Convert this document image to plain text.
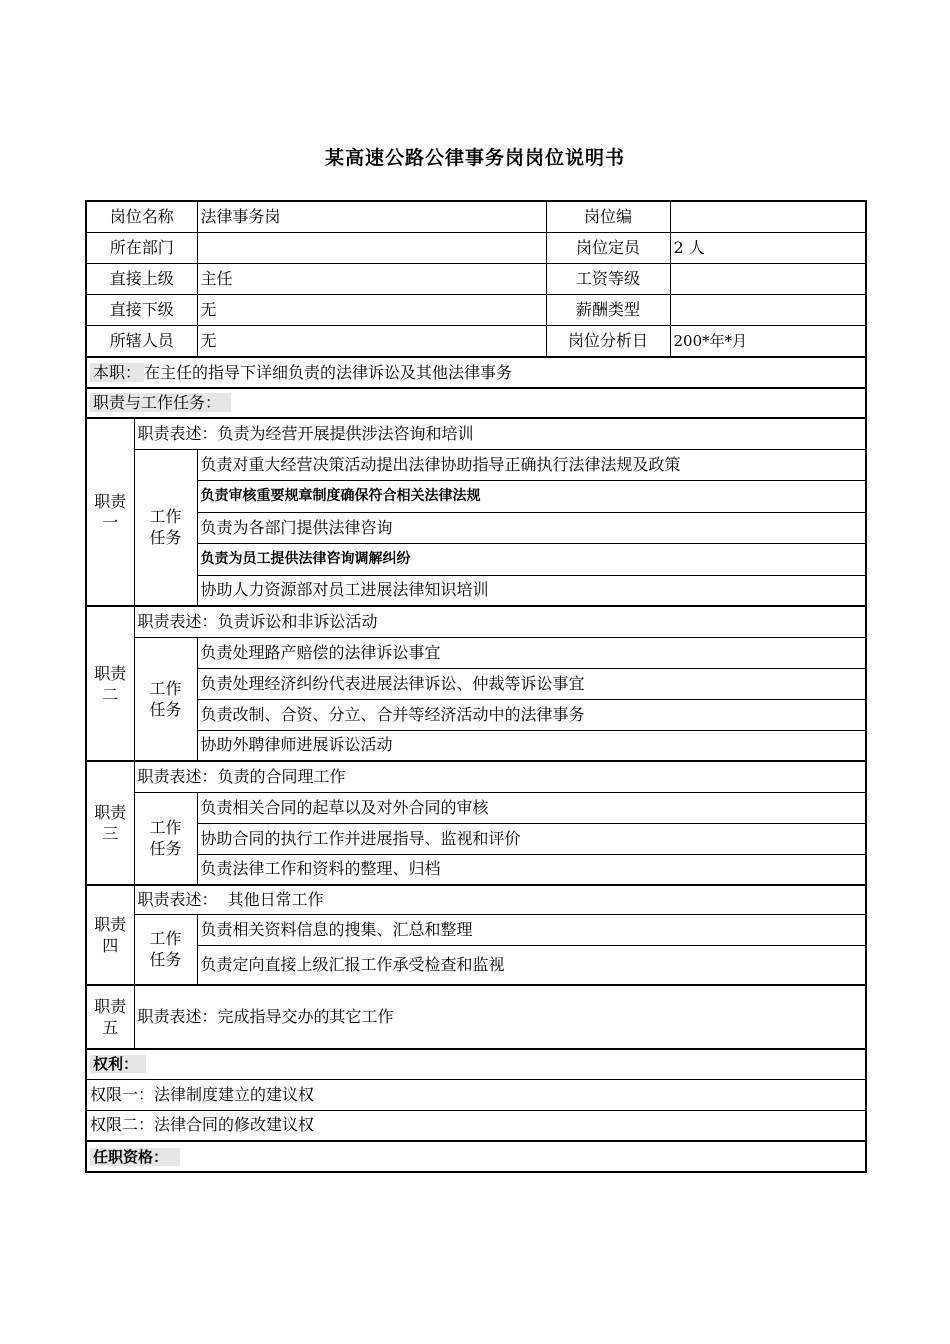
某高速公路公律事务岗岗位说明书
岗位名称		法律事务岗	岗位编	
所在部门			岗位定员	2 人
直接上级		主任	工资等级	
直接下级		无	薪酬类型	
所辖人员		无	岗位分析日	200*年*月
本职： 在主任的指导下详细负责的法律诉讼及其他法律事务				
职责与工作任务：				
职责一	职责表述：负责为经营开展提供涉法咨询和培训			
	工作任务	负责对重大经营决策活动提出法律协助指导正确执行法律法规及政策		
		负责审核重要规章制度确保符合相关法律法规		
		负责为各部门提供法律咨询		
		负责为员工提供法律咨询调解纠纷		
		协助人力资源部对员工进展法律知识培训		
职责二	职责表述：负责诉讼和非诉讼活动			
	工作任务	负责处理路产赔偿的法律诉讼事宜		
		负责处理经济纠纷代表进展法律诉讼、仲裁等诉讼事宜		
		负责改制、合资、分立、合并等经济活动中的法律事务		
		协助外聘律师进展诉讼活动		
职责三	职责表述：负责的合同理工作			
	工作任务	负责相关合同的起草以及对外合同的审核		
		协助合同的执行工作并进展指导、监视和评价		
		负责法律工作和资料的整理、归档		
职责四	职责表述：  其他日常工作			
	工作任务	负责相关资料信息的搜集、汇总和整理		
		负责定向直接上级汇报工作承受检查和监视		
职责五	职责表述：完成指导交办的其它工作			
权利：				
权限一：法律制度建立的建议权				
权限二：法律合同的修改建议权				
任职资格：				
